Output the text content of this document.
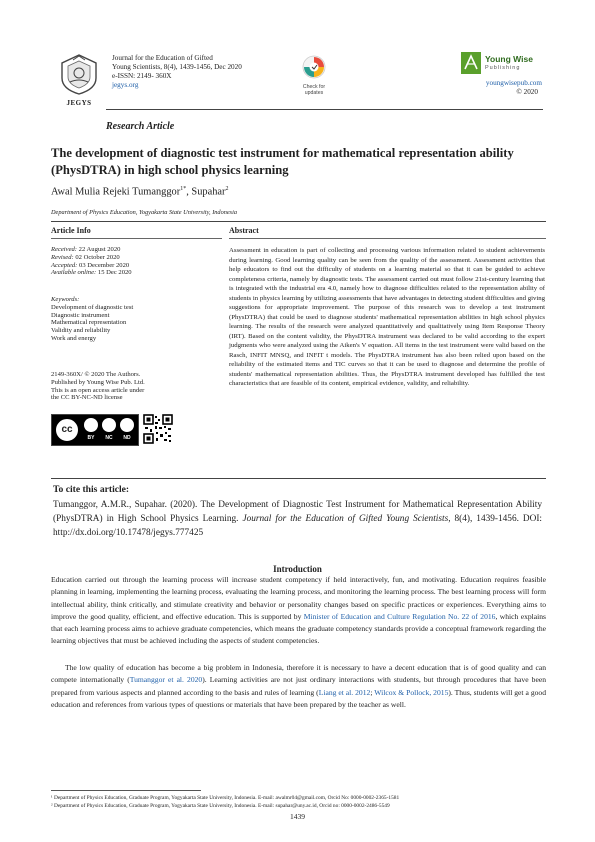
JEGYS
Journal for the Education of Gifted
Young Scientists, 8(4), 1439-1456, Dec 2020
e-ISSN: 2149- 360X
jegys.org	Check for updates
Young Wise
Publishing
youngwisepub.com
© 2020
Research Article
The development of diagnostic test instrument for mathematical representation ability (PhysDTRA) in high school physics learning
Awal Mulia Rejeki Tumanggor$^{1*}$, Supahar$^2$
Department of Physics Education, Yogyakarta State University, Indonesia
Article Info	Abstract
Received: 22 August 2020
Revised: 02 October 2020
Accepted: 03 December 2020
Available online: 15 Dec 2020
Keywords:
Development of diagnostic test
Diagnostic instrument
Mathematical representation
Validity and reliability
Work and energy
2149-360X/ © 2020 The Authors.
Published by Young Wise Pub. Ltd.
This is an open access article under
the CC BY-NC-ND license
cc
BY	NC	ND
Assessment in education is part of collecting and processing various information related to student achievements during learning. Good learning quality can be seen from the quality of the assessment. Assessment activities that help educators to find out the difficulty of students on a learning material so that it can be guided to achieve completeness criteria, namely by diagnostic tests. The assessment carried out must follow 21st-century learning that is integrated with the industrial era 4.0, namely how to diagnose difficulties related to the representation ability of students in physics learning by utilizing assessments that have advantages in detecting student difficulties and giving suggestions for appropriate improvement. The purpose of this research was to develop a test instrument (PhysDTRA) that could be used to diagnose students' mathematical representation abilities in high school physics learning. The results of the research were analyzed quantitatively and qualitatively using Item Response Theory (IRT). Based on the content validity, the PhysDTRA instrument was declared to be valid according to the expert judgments who were analyzed using the Aiken's V equation. All items in the test instrument were valid based on the Rasch, INFIT MNSQ, and INFIT t models. The PhysDTRA instrument has also been relied upon based on the reliability of the estimated items and TIC curves so that it can be used to diagnose and determine the profile of students' mathematical representation abilities. Thus, the PhysDTRA instrument developed has fulfilled the test characteristics that are feasible of its content, empirical evidence, validity, and reliability.
To cite this article:
Tumanggor, A.M.R., Supahar. (2020). The Development of Diagnostic Test Instrument for Mathematical Representation Ability (PhysDTRA) in High School Physics Learning. Journal for the Education of Gifted Young Scientists, 8(4), 1439-1456. DOI: http://dx.doi.org/10.17478/jegys.777425
Introduction
Education carried out through the learning process will increase student competency if held interactively, fun, and motivating. Education requires feasible planning in learning, implementing the learning process, evaluating the learning process, and monitoring the learning process. The best learning process will form intellectual ability, think critically, and stimulate creativity and behavior or personality changes based on specific practices or experiences. Everything aims to improve the good quality, efficient, and effective education. This is supported by Minister of Education and Culture Regulation No. 22 of 2016, which explains that each learning process aims to achieve graduate competencies, which means the graduate competency standards provide a conceptual framework regarding the learning objectives that must be achieved including the aspects of student competencies.
The low quality of education has become a big problem in Indonesia, therefore it is necessary to have a decent education that is of good quality and can compete internationally (Tumanggor et al. 2020). Learning activities are not just ordinary interactions with students, but through procedures that have been prepared from various aspects and planned according to the basis and rules of learning (Liang et al. 2012; Wilcox & Pollock, 2015). Thus, students will get a good education and references from various types of questions or materials that have been prepared by the teacher as well.
¹ Department of Physics Education, Graduate Program, Yogyakarta State University, Indonesia. E-mail: awalmr04@gmail.com, Orcid No: 0000-0002-2365-1581
² Department of Physics Education, Graduate Program, Yogyakarta State University, Indonesia. E-mail: supahar@uny.ac.id, Orcid no: 0000-0002-2486-5549
1439
